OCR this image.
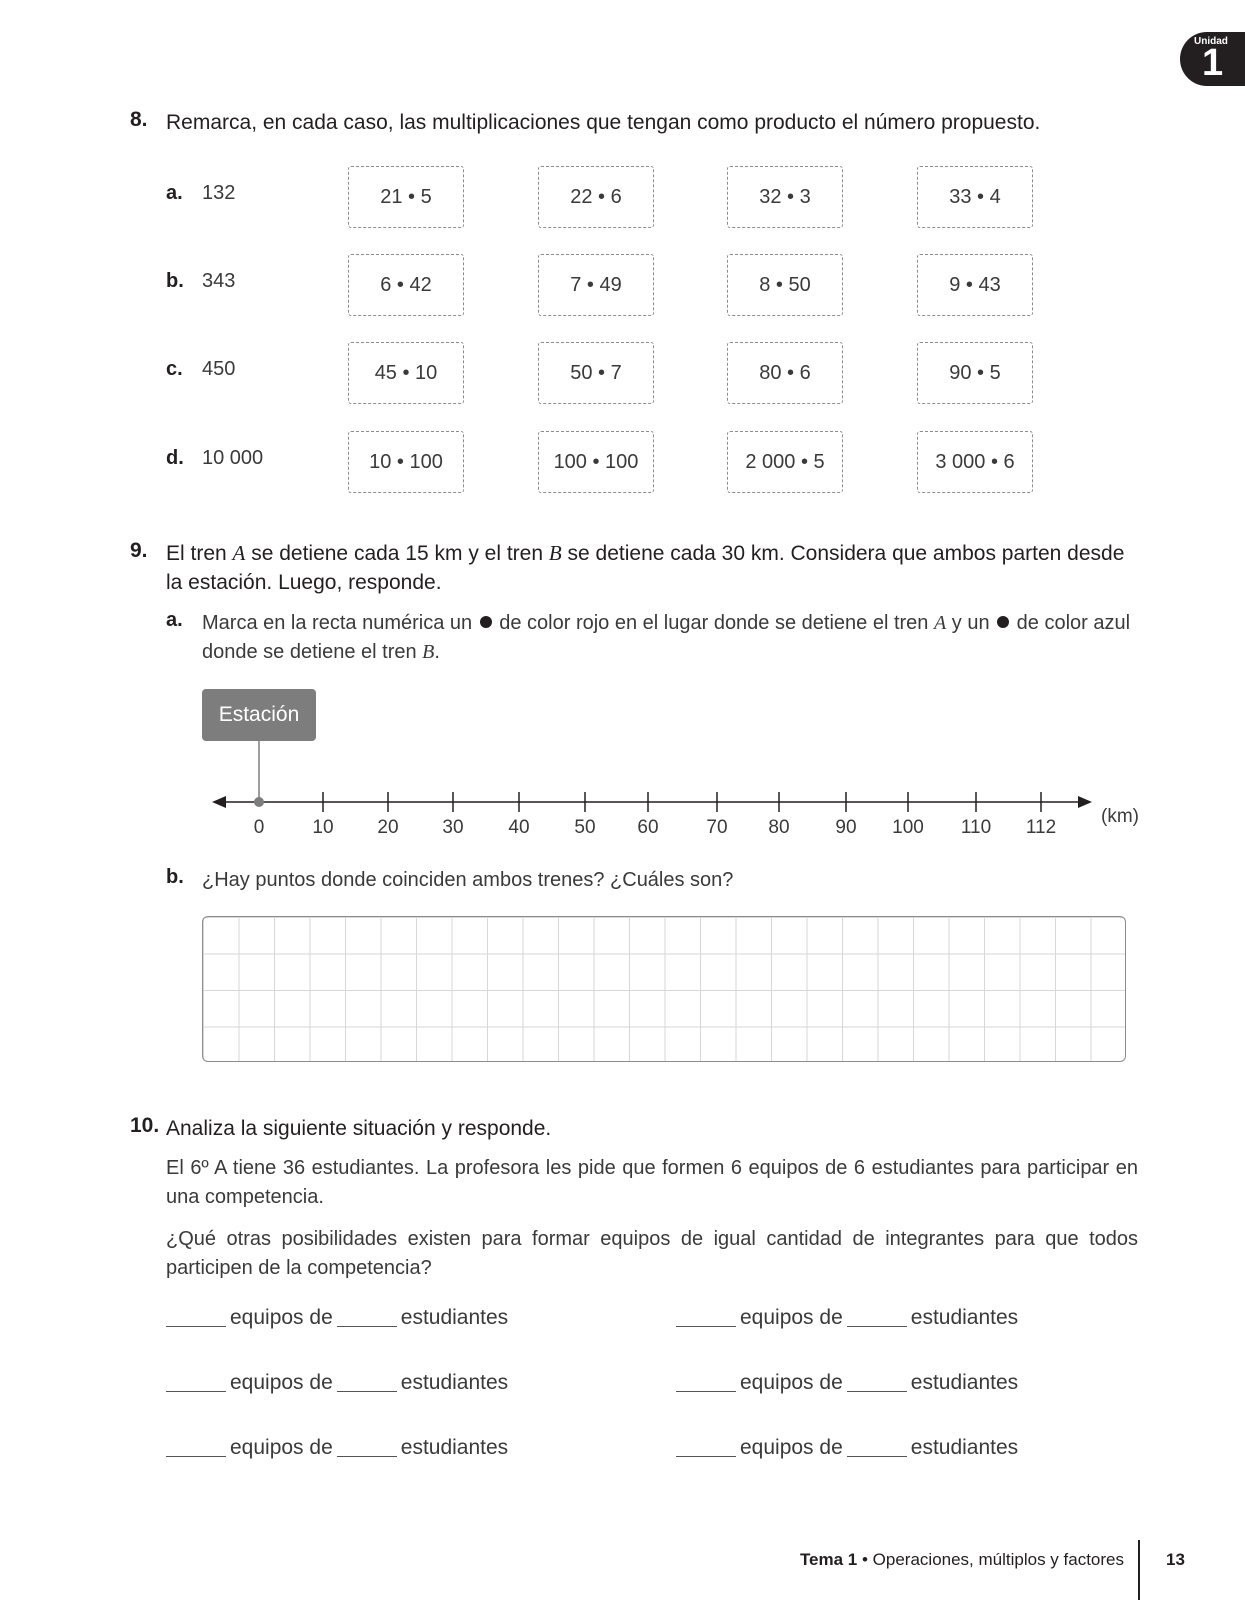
Unidad
1
8. Remarca, en cada caso, las multiplicaciones que tengan como producto el número propuesto.
a. 132	21 • 5	22 • 6	32 • 3	33 • 4
b. 343	6 • 42	7 • 49	8 • 50	9 • 43
c. 450	45 • 10	50 • 7	80 • 6	90 • 5
d. 10 000	10 • 100	100 • 100	2 000 • 5	3 000 • 6
9. El tren A se detiene cada 15 km y el tren B se detiene cada 30 km. Considera que ambos parten desde la estación. Luego, responde.
a. Marca en la recta numérica un  de color rojo en el lugar donde se detiene el tren A y un  de color azul donde se detiene el tren B.
Estación
0	10 20 30 40 50 60	70 80 90 100 110 112
(km)
b. ¿Hay puntos donde coinciden ambos trenes? ¿Cuáles son?
10. Analiza la siguiente situación y responde.
El 6º A tiene 36 estudiantes. La profesora les pide que formen 6 equipos de 6 estudiantes para participar en una competencia.
¿Qué otras posibilidades existen para formar equipos de igual cantidad de integrantes para que todos participen de la competencia?
equipos de	estudiantes	equipos de	estudiantes
equipos de	estudiantes	equipos de	estudiantes
equipos de	estudiantes	equipos de	estudiantes
Tema 1 • Operaciones, múltiplos y factores 13
